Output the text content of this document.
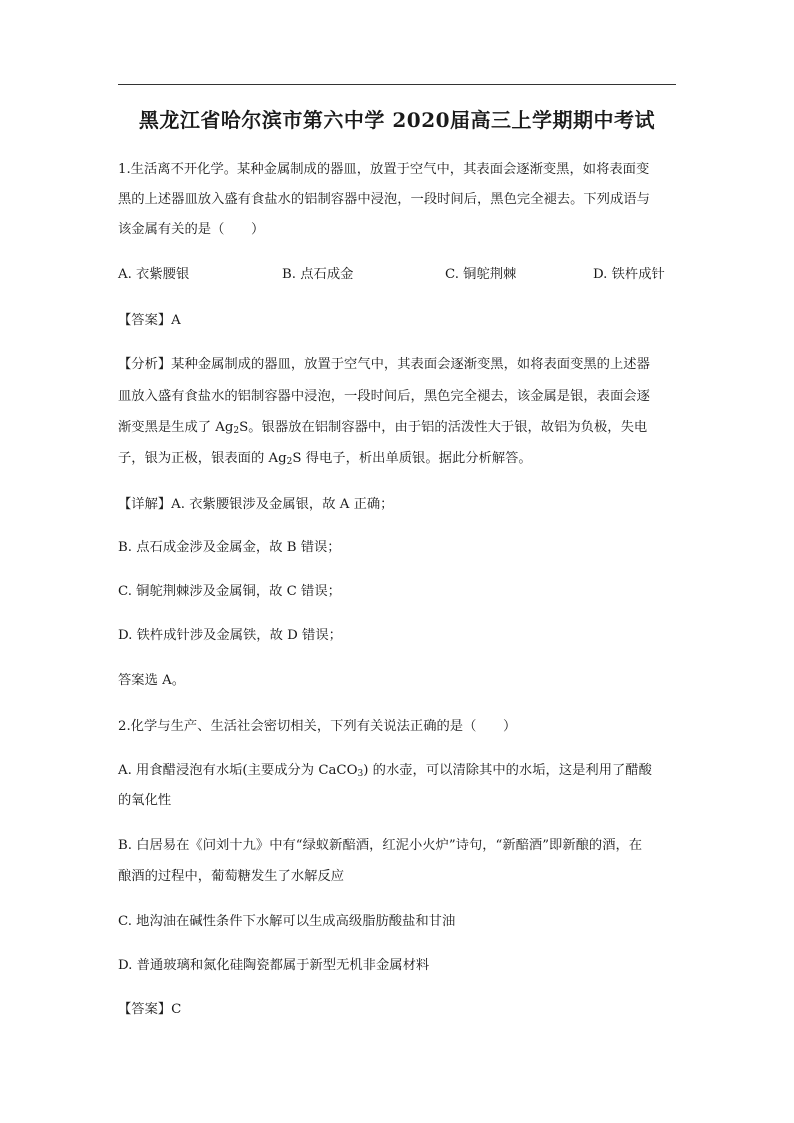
黑龙江省哈尔滨市第六中学 2020届高三上学期期中考试
1.生活离不开化学。某种金属制成的器皿，放置于空气中，其表面会逐渐变黑，如将表面变
黑的上述器皿放入盛有食盐水的铝制容器中浸泡，一段时间后，黑色完全褪去。下列成语与
该金属有关的是（　　）
A. 衣紫腰银	B. 点石成金	C. 铜鸵荆棘	D. 铁杵成针
【答案】A
【分析】某种金属制成的器皿，放置于空气中，其表面会逐渐变黑，如将表面变黑的上述器
皿放入盛有食盐水的铝制容器中浸泡，一段时间后，黑色完全褪去，该金属是银，表面会逐
渐变黑是生成了 $Ag_2S$。银器放在铝制容器中，由于铝的活泼性大于银，故铝为负极，失电
子，银为正极，银表面的 $Ag_2S$ 得电子，析出单质银。据此分析解答。
【详解】A. 衣紫腰银涉及金属银，故 A 正确；
B. 点石成金涉及金属金，故 B 错误；
C. 铜鸵荆棘涉及金属铜，故 C 错误；
D. 铁杵成针涉及金属铁，故 D 错误；
答案选 A。
2.化学与生产、生活社会密切相关，下列有关说法正确的是（　　）
A. 用食醋浸泡有水垢(主要成分为 CaCO$_3$) 的水壶，可以清除其中的水垢，这是利用了醋酸
的氧化性
B. 白居易在《问刘十九》中有“绿蚁新醅酒，红泥小火炉”诗句，“新醅酒”即新酿的酒，在
酿酒的过程中，葡萄糖发生了水解反应
C. 地沟油在碱性条件下水解可以生成高级脂肪酸盐和甘油
D. 普通玻璃和氮化硅陶瓷都属于新型无机非金属材料
【答案】C
